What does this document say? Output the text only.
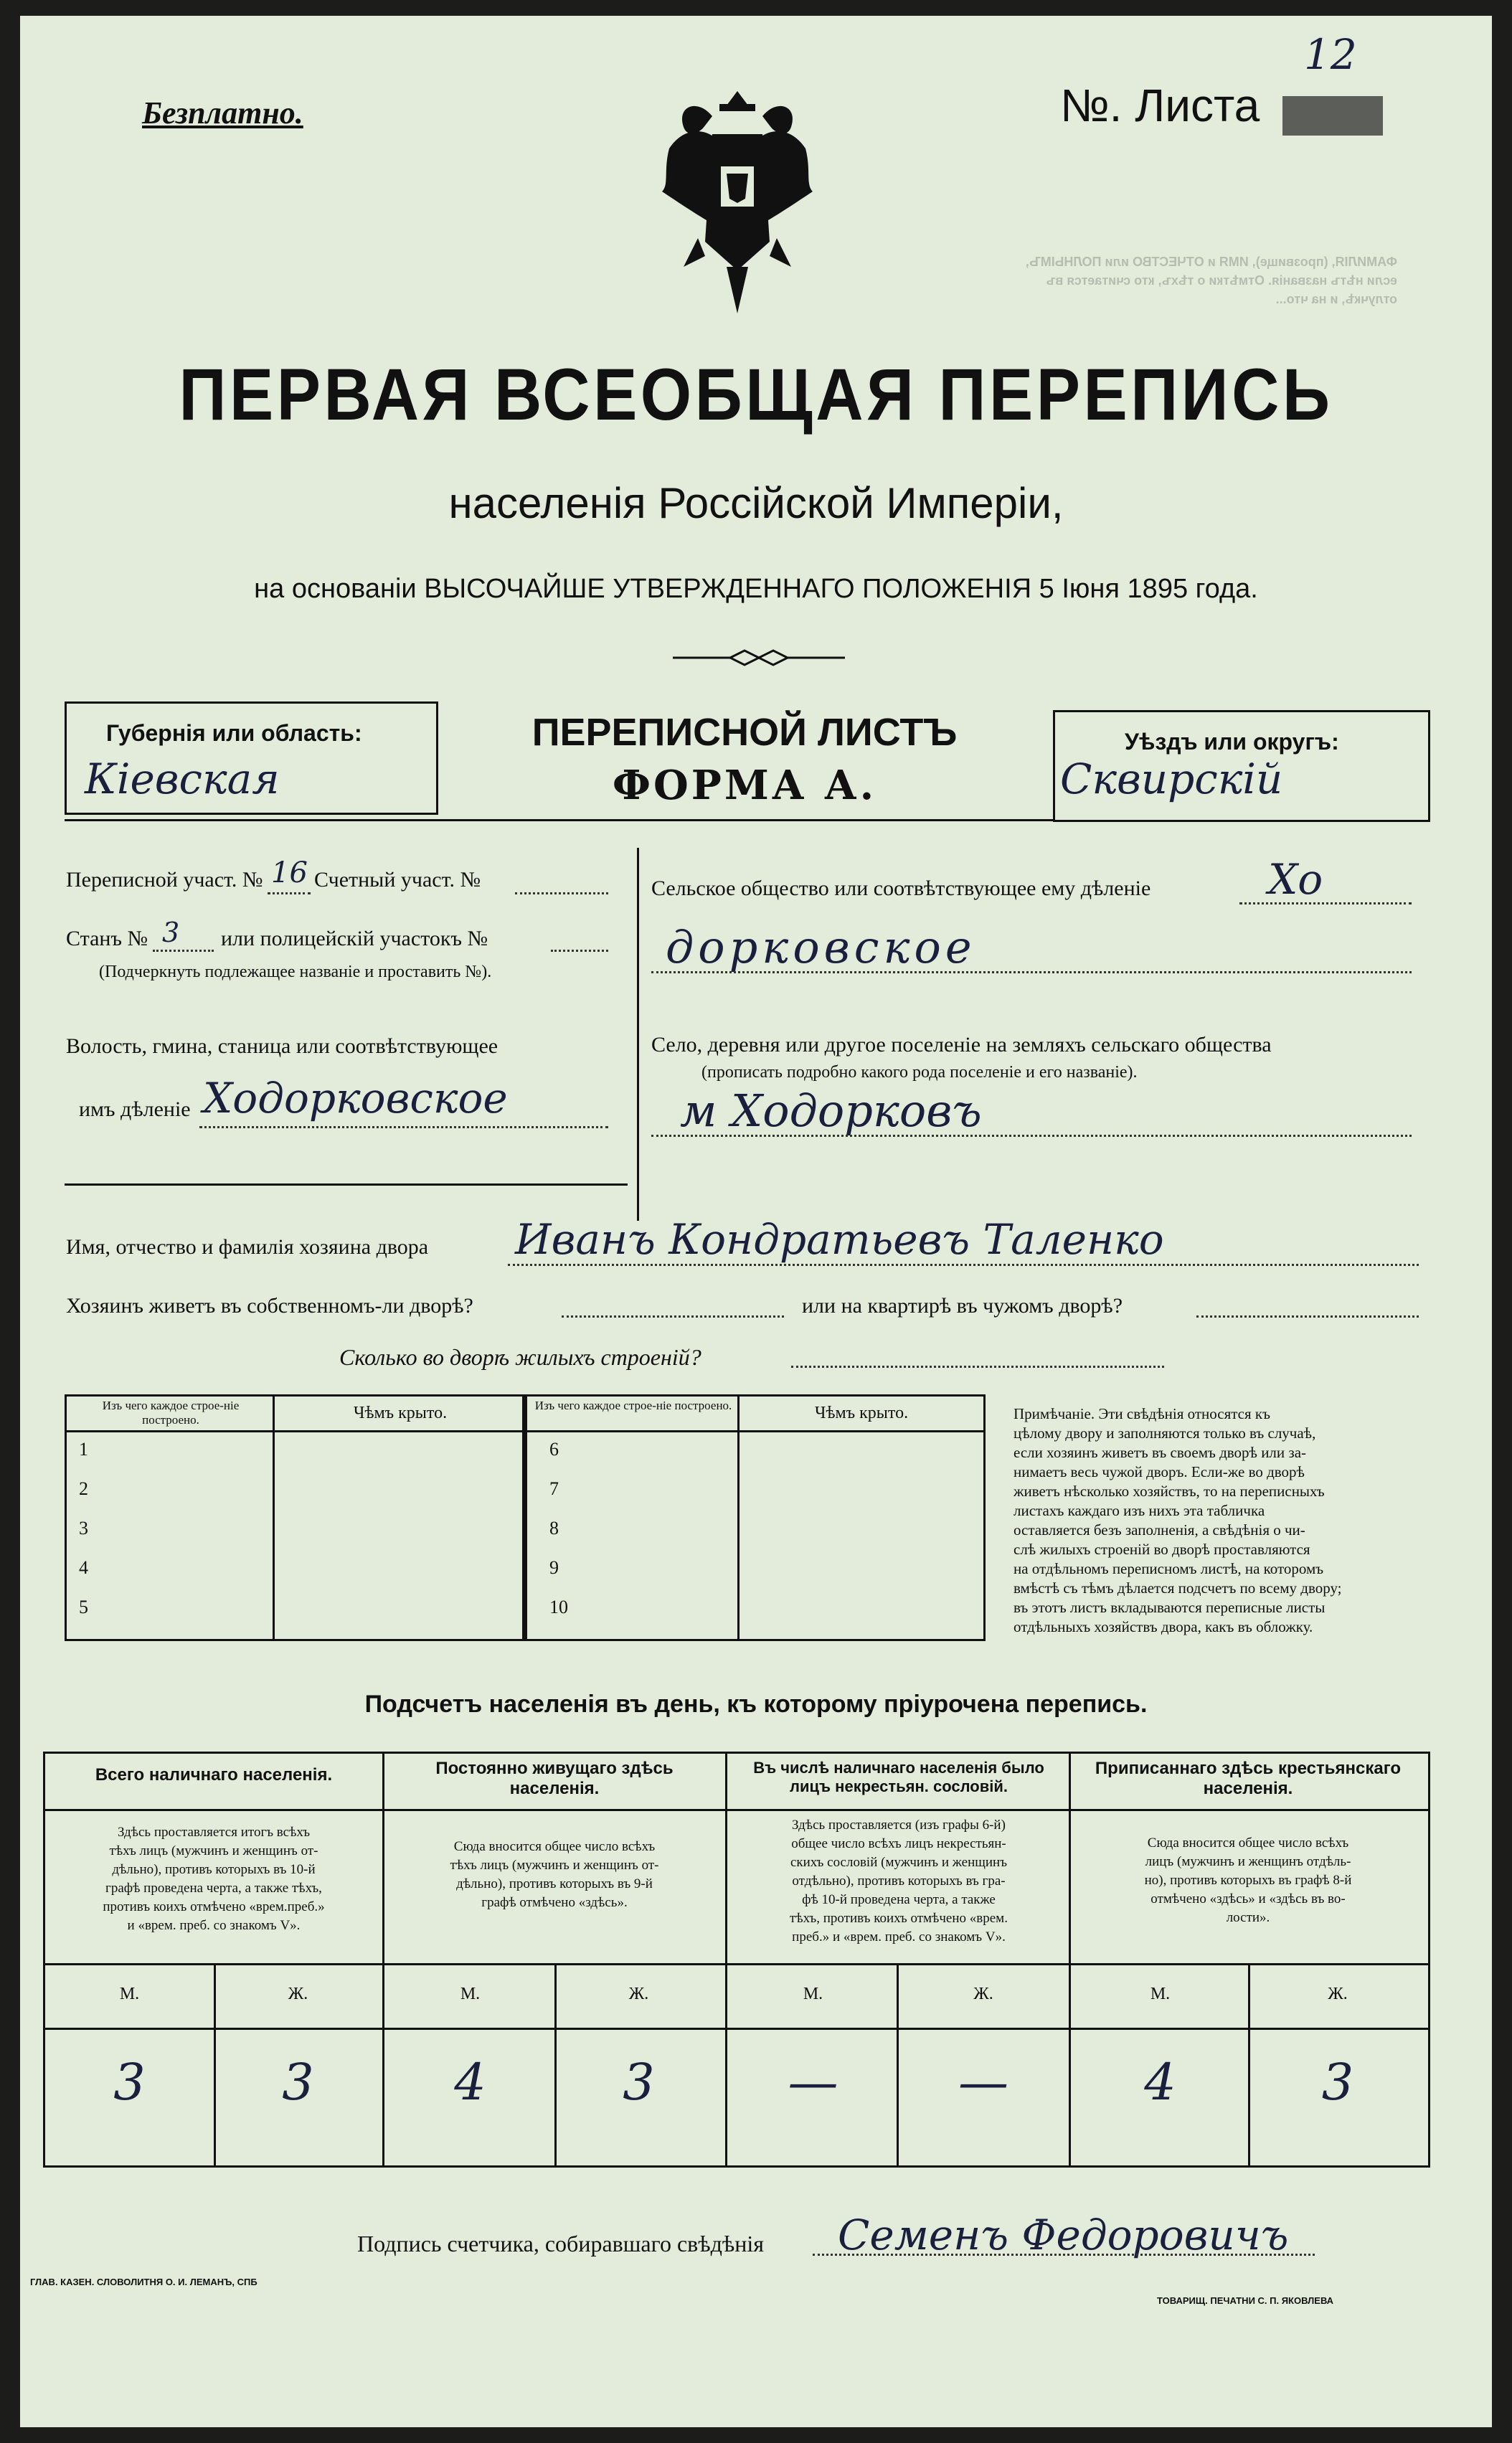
ФАМИЛІЯ, (прозвище), ИМЯ и ОТЧЕСТВО или ПОЛНЫМЪ, если нѣтъ названія. Отмѣтки о тѣхъ, кто считается въ отлучкѣ, и на что...
Безплатно.	№. Листа
12
ПЕРВАЯ ВСЕОБЩАЯ ПЕРЕПИСЬ
населенія Россійской Имперіи,
на основаніи ВЫСОЧАЙШЕ УТВЕРЖДЕННАГО ПОЛОЖЕНІЯ 5 Іюня 1895 года.
Губернія или область:
Кіевская
ПЕРЕПИСНОЙ ЛИСТЪ
ФОРМА А.
Уѣздъ или округъ:
Сквирскій
Переписной участ. № 16 Счетный участ. №
Станъ № 3 или полицейскій участокъ №
(Подчеркнуть подлежащее названіе и проставить №).
Волость, гмина, станица или соотвѣтствующее
имъ дѣленіе Ходорковское
Сельское общество или соотвѣтствующее ему дѣленіе	Хо
дорковское
Село, деревня или другое поселеніе на земляхъ сельскаго общества
(прописать подробно какого рода поселеніе и его названіе).
м Ходорковъ
Имя, отчество и фамилія хозяина двора Иванъ Кондратьевъ Таленко
Хозяинъ живетъ въ собственномъ-ли дворѣ?	или на квартирѣ въ чужомъ дворѣ?
Сколько во дворѣ жилыхъ строеній?
Изъ чего каждое строе-ніе построено.	Чѣмъ крыто.	Изъ чего каждое строе-ніе построено.	Чѣмъ крыто.
1
2
3
4
5
6
7
8
9
10
Примѣчаніе. Эти свѣдѣнія относятся къ
цѣлому двору и заполняются только въ случаѣ,
если хозяинъ живетъ въ своемъ дворѣ или за-
нимаетъ весь чужой дворъ. Если-же во дворѣ
живетъ нѣсколько хозяйствъ, то на переписныхъ
листахъ каждаго изъ нихъ эта табличка
оставляется безъ заполненія, а свѣдѣнія о чи-
слѣ жилыхъ строеній во дворѣ проставляются
на отдѣльномъ переписномъ листѣ, на которомъ
вмѣстѣ съ тѣмъ дѣлается подсчетъ по всему двору;
въ этотъ листъ вкладываются переписные листы
отдѣльныхъ хозяйствъ двора, какъ въ обложку.
Подсчетъ населенія въ день, къ которому пріурочена перепись.
Всего наличнаго населенія.
Здѣсь проставляется итогъ всѣхъ
тѣхъ лицъ (мужчинъ и женщинъ от-
дѣльно), противъ которыхъ въ 10-й
графѣ проведена черта, а также тѣхъ,
противъ коихъ отмѣчено «врем.преб.»
и «врем. преб. со знакомъ V».
М.	Ж.
3	3
Постоянно живущаго здѣсь населенія.
Сюда вносится общее число всѣхъ
тѣхъ лицъ (мужчинъ и женщинъ от-
дѣльно), противъ которыхъ въ 9-й
графѣ отмѣчено «здѣсь».
М.	Ж.
4	3
Въ числѣ наличнаго населенія было лицъ некрестьян. сословій.
Здѣсь проставляется (изъ графы 6-й)
общее число всѣхъ лицъ некрестьян-
скихъ сословій (мужчинъ и женщинъ
отдѣльно), противъ которыхъ въ гра-
фѣ 10-й проведена черта, а также
тѣхъ, противъ коихъ отмѣчено «врем.
преб.» и «врем. преб. со знакомъ V».
М.	Ж.
—	—
Приписаннаго здѣсь крестьянскаго населенія.
Сюда вносится общее число всѣхъ
лицъ (мужчинъ и женщинъ отдѣль-
но), противъ которыхъ въ графѣ 8-й
отмѣчено «здѣсь» и «здѣсь въ во-
лости».
М.	Ж.
4	3
Подпись счетчика, собиравшаго свѣдѣнія Семенъ Федоровичъ
ГЛАВ. КАЗЕН. СЛОВОЛИТНЯ О. И. ЛЕМАНЪ, СПБ
ТОВАРИЩ. ПЕЧАТНИ С. П. ЯКОВЛЕВА
